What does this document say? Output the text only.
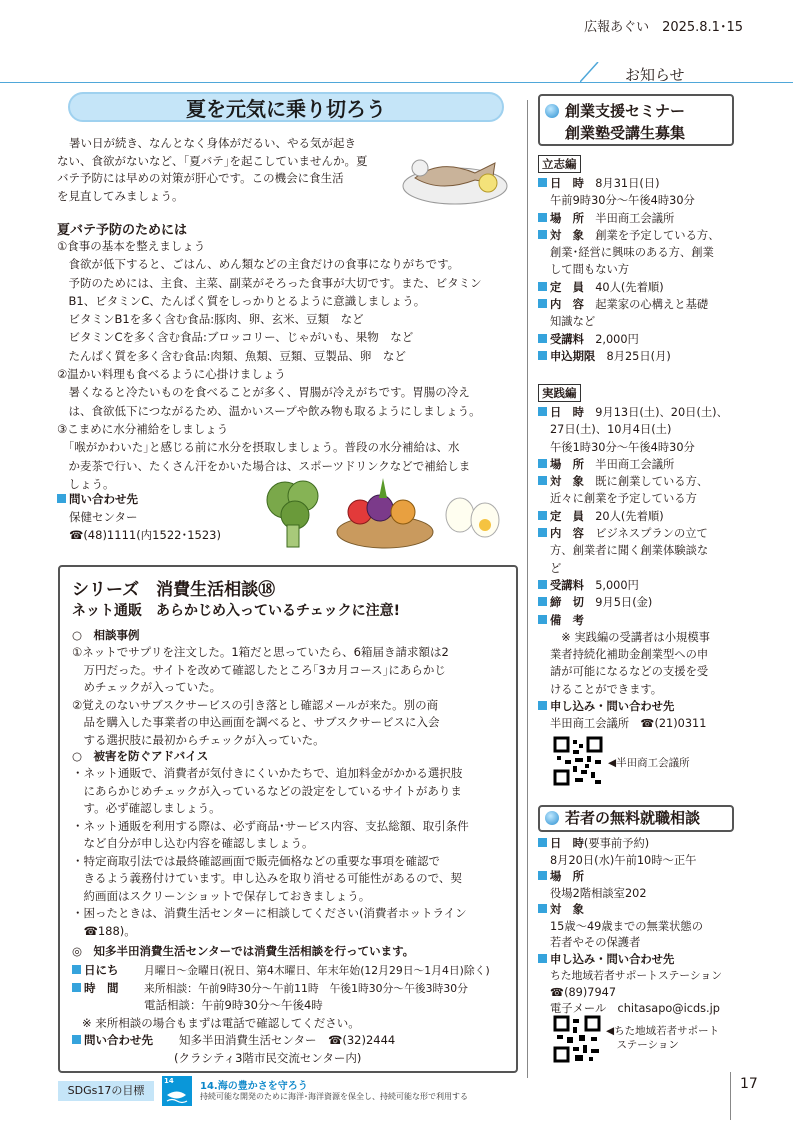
広報あぐい　2025.8.1･15
お知らせ
夏を元気に乗り切ろう
暑い日が続き、なんとなく身体がだるい、やる気が起き
ない、食欲がないなど、｢夏バテ｣を起こしていませんか。夏
バテ予防には早めの対策が肝心です。この機会に食生活
を見直してみましょう。
夏バテ予防のためには
①食事の基本を整えましょう
　食欲が低下すると、ごはん、めん類などの主食だけの食事になりがちです。
　予防のためには、主食、主菜、副菜がそろった食事が大切です。また、ビタミン
　B1、ビタミンC、たんぱく質をしっかりとるように意識しましょう。
　ビタミンB1を多く含む食品:豚肉、卵、玄米、豆類　など
　ビタミンCを多く含む食品:ブロッコリー、じゃがいも、果物　など
　たんぱく質を多く含む食品:肉類、魚類、豆類、豆製品、卵　など
②温かい料理も食べるように心掛けましょう
　暑くなると冷たいものを食べることが多く、胃腸が冷えがちです。胃腸の冷え
　は、食欲低下につながるため、温かいスープや飲み物も取るようにしましょう。
③こまめに水分補給をしましょう
　｢喉がかわいた｣と感じる前に水分を摂取しましょう。普段の水分補給は、水
　か麦茶で行い、たくさん汗をかいた場合は、スポーツドリンクなどで補給しま
　しょう。
問い合わせ先
保健センター
☎(48)1111(内1522･1523)
シリーズ　消費生活相談⑱
ネット通販　あらかじめ入っているチェックに注意!
○　相談事例
①ネットでサプリを注文した。1箱だと思っていたら、6箱届き請求額は2
　万円だった。サイトを改めて確認したところ｢3カ月コース｣にあらかじ
　めチェックが入っていた。
②覚えのないサブスクサービスの引き落とし確認メールが来た。別の商
　品を購入した事業者の申込画面を調べると、サブスクサービスに入会
　する選択肢に最初からチェックが入っていた。
○　被害を防ぐアドバイス
・ネット通販で、消費者が気付きにくいかたちで、追加料金がかかる選択肢
　にあらかじめチェックが入っているなどの設定をしているサイトがありま
　す。必ず確認しましょう。
・ネット通販を利用する際は、必ず商品･サービス内容、支払総額、取引条件
　など自分が申し込む内容を確認しましょう。
・特定商取引法では最終確認画面で販売価格などの重要な事項を確認で
　きるよう義務付けています。申し込みを取り消せる可能性があるので、契
　約画面はスクリーンショットで保存しておきましょう。
・困ったときは、消費生活センターに相談してください(消費者ホットライン
　☎188)。
◎　知多半田消費生活センターでは消費生活相談を行っています。
日にち 月曜日～金曜日(祝日、第4木曜日、年末年始(12月29日～1月4日)除く)
時　間 来所相談：午前9時30分～午前11時　午後1時30分～午後3時30分
電話相談：午前9時30分～午後4時
※ 来所相談の場合もまずは電話で確認してください。
問い合わせ先 知多半田消費生活センター　☎(32)2444
(クラシティ3階市民交流センター内)
創業支援セミナー
創業塾受講生募集
立志編
日　時　 8月31日(日)
午前9時30分～午後4時30分
場　所　 半田商工会議所
対　象　 創業を予定している方、
創業･経営に興味のある方、創業
して間もない方
定　員　 40人(先着順)
内　容　 起業家の心構えと基礎
知識など
受講料　 2,000円
申込期限　 8月25日(月)
実践編
日　時　 9月13日(土)、20日(土)、
27日(土)、10月4日(土)
午後1時30分～午後4時30分
場　所　 半田商工会議所
対　象　 既に創業している方、
近々に創業を予定している方
定　員　 20人(先着順)
内　容　 ビジネスプランの立て
方、創業者に聞く創業体験談な
ど
受講料　 5,000円
締　切　 9月5日(金)
備　考
　※ 実践編の受講者は小規模事
業者持続化補助金創業型への申
請が可能になるなどの支援を受
けることができます。
申し込み・問い合わせ先
半田商工会議所　☎(21)0311
◀半田商工会議所
若者の無料就職相談
日　時(要事前予約)
8月20日(水)午前10時～正午
場　所
役場2階相談室202
対　象
15歳～49歳までの無業状態の
若者やその保護者
申し込み・問い合わせ先
ちた地域若者サポートステーション
☎(89)7947
電子メール　chitasapo@icds.jp
◀ちた地域若者サポート
　ステーション
SDGs17の目標
14	14.海の豊かさを守ろう
持続可能な開発のために海洋･海洋資源を保全し、持続可能な形で利用する
17
